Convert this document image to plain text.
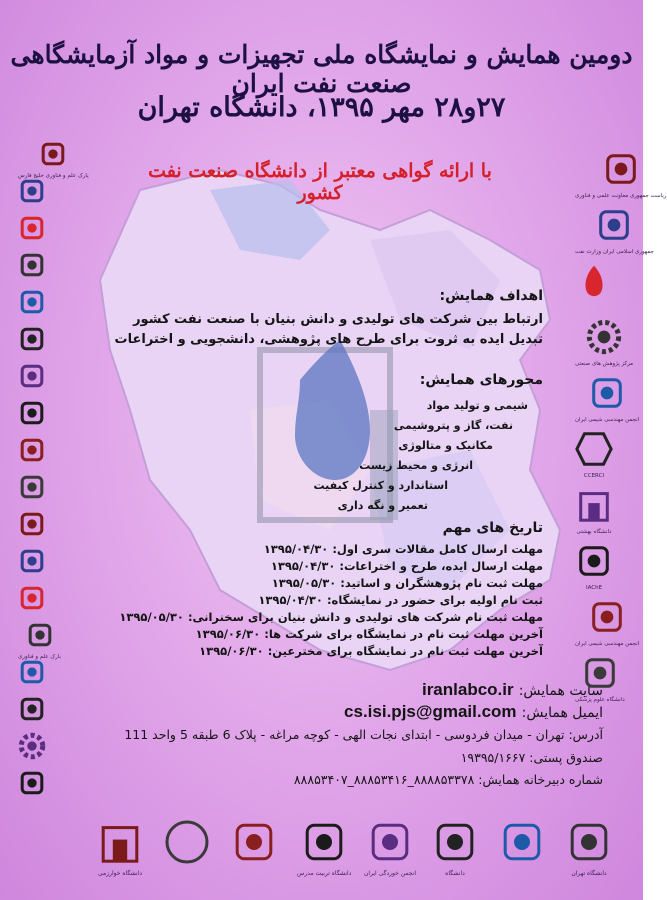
دومین همایش و نمایشگاه ملی تجهیزات و مواد آزمایشگاهی صنعت نفت ایران
۲۷و۲۸ مهر ۱۳۹۵، دانشگاه تهران
با ارائه گواهی معتبر از دانشگاه صنعت نفت کشور
اهداف همایش:
ارتباط بین شرکت های تولیدی و دانش بنیان با صنعت نفت کشور
تبدیل ایده به ثروت برای طرح های پژوهشی، دانشجویی و اختراعات
محورهای همایش:
شیمی و تولید مواد
نفت، گاز و پتروشیمی
مکانیک و متالوژی
انرژی و محیط زیست
استاندارد و کنترل کیفیت
تعمیر و نگه داری
تاریخ های مهم
مهلت ارسال کامل مقالات سری اول: ۱۳۹۵/۰۴/۳۰
مهلت ارسال ایده، طرح و اختراعات: ۱۳۹۵/۰۴/۳۰
مهلت ثبت نام پژوهشگران و اساتید: ۱۳۹۵/۰۵/۳۰
ثبت نام اولیه برای حضور در نمایشگاه: ۱۳۹۵/۰۴/۳۰
مهلت ثبت نام شرکت های تولیدی و دانش بنیان برای سخنرانی: ۱۳۹۵/۰۵/۳۰
آخرین مهلت ثبت نام در نمایشگاه برای شرکت ها: ۱۳۹۵/۰۶/۳۰
آخرین مهلت ثبت نام در نمایشگاه برای مخترعین: ۱۳۹۵/۰۶/۳۰
سایت همایش: iranlabco.ir
ایمیل همایش: cs.isi.pjs@gmail.com
آدرس: تهران - میدان فردوسی - ابتدای نجات الهی - کوچه مراغه - پلاک 6 طبقه 5 واحد 111
صندوق پستی: ۱۹۳۹۵/۱۶۶۷
شماره دبیرخانه همایش: ۸۸۸۸۵۳۳۷۸_۸۸۸۵۳۴۱۶_۸۸۸۵۳۴۰۷
ریاست جمهوری معاونت علمی و فناوری
جمهوری اسلامی ایران وزارت نفت
مرکز پژوهش های صنعتی
انجمن مهندسی شیمی ایران
CCERCI
دانشگاه بهشتی
IAChE
انجمن مهندسی شیمی ایران
دانشگاه علوم پزشکی
پارک علم و فناوری خلیج فارس
بارک علم و فناوری
دانشگاه تهران
دانشگاه
انجمن خوردگی ایران
دانشگاه تربیت مدرس
دانشگاه خوارزمی
